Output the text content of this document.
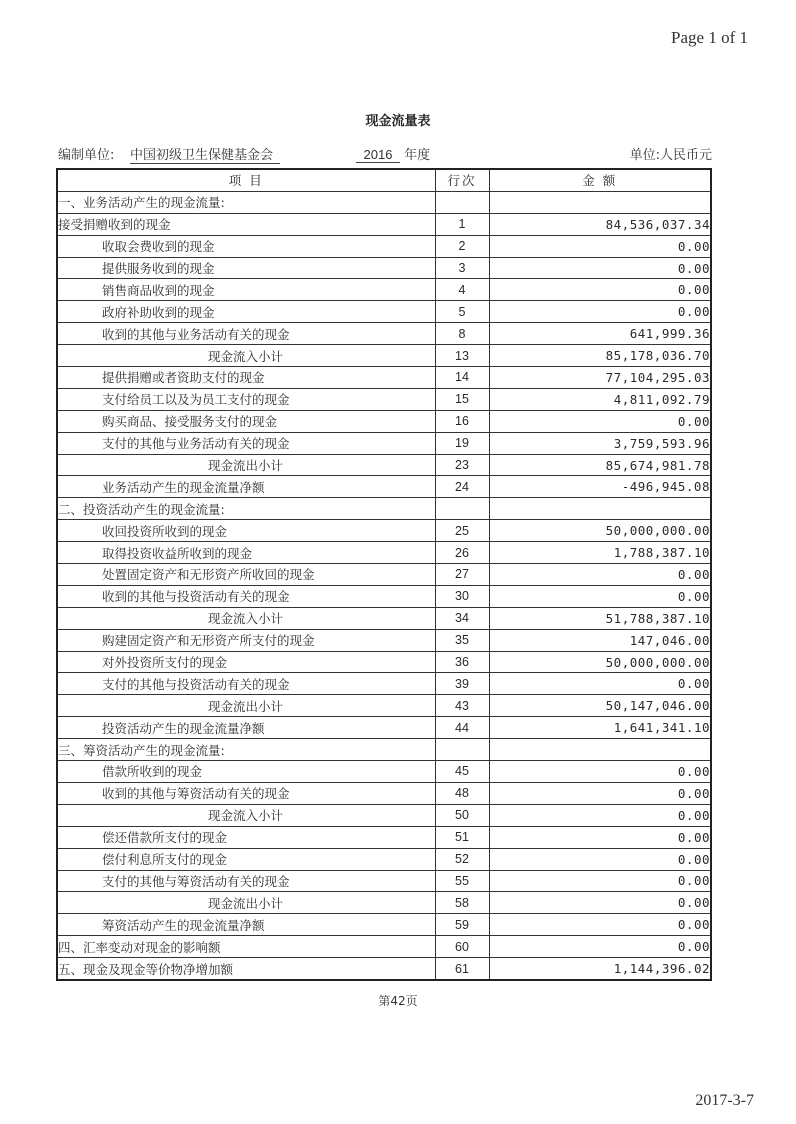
Page 1 of 1
现金流量表
编制单位: 中国初级卫生保健基金会	2016 年度	单位:人民币元
项 目	行次	金 额
一、业务活动产生的现金流量:		
接受捐赠收到的现金	1	84,536,037.34
收取会费收到的现金	2	0.00
提供服务收到的现金	3	0.00
销售商品收到的现金	4	0.00
政府补助收到的现金	5	0.00
收到的其他与业务活动有关的现金	8	641,999.36
现金流入小计	13	85,178,036.70
提供捐赠或者资助支付的现金	14	77,104,295.03
支付给员工以及为员工支付的现金	15	4,811,092.79
购买商品、接受服务支付的现金	16	0.00
支付的其他与业务活动有关的现金	19	3,759,593.96
现金流出小计	23	85,674,981.78
业务活动产生的现金流量净额	24	-496,945.08
二、投资活动产生的现金流量:		
收回投资所收到的现金	25	50,000,000.00
取得投资收益所收到的现金	26	1,788,387.10
处置固定资产和无形资产所收回的现金	27	0.00
收到的其他与投资活动有关的现金	30	0.00
现金流入小计	34	51,788,387.10
购建固定资产和无形资产所支付的现金	35	147,046.00
对外投资所支付的现金	36	50,000,000.00
支付的其他与投资活动有关的现金	39	0.00
现金流出小计	43	50,147,046.00
投资活动产生的现金流量净额	44	1,641,341.10
三、筹资活动产生的现金流量:		
借款所收到的现金	45	0.00
收到的其他与筹资活动有关的现金	48	0.00
现金流入小计	50	0.00
偿还借款所支付的现金	51	0.00
偿付利息所支付的现金	52	0.00
支付的其他与筹资活动有关的现金	55	0.00
现金流出小计	58	0.00
筹资活动产生的现金流量净额	59	0.00
四、汇率变动对现金的影响额	60	0.00
五、现金及现金等价物净增加额	61	1,144,396.02
第42页
2017-3-7
